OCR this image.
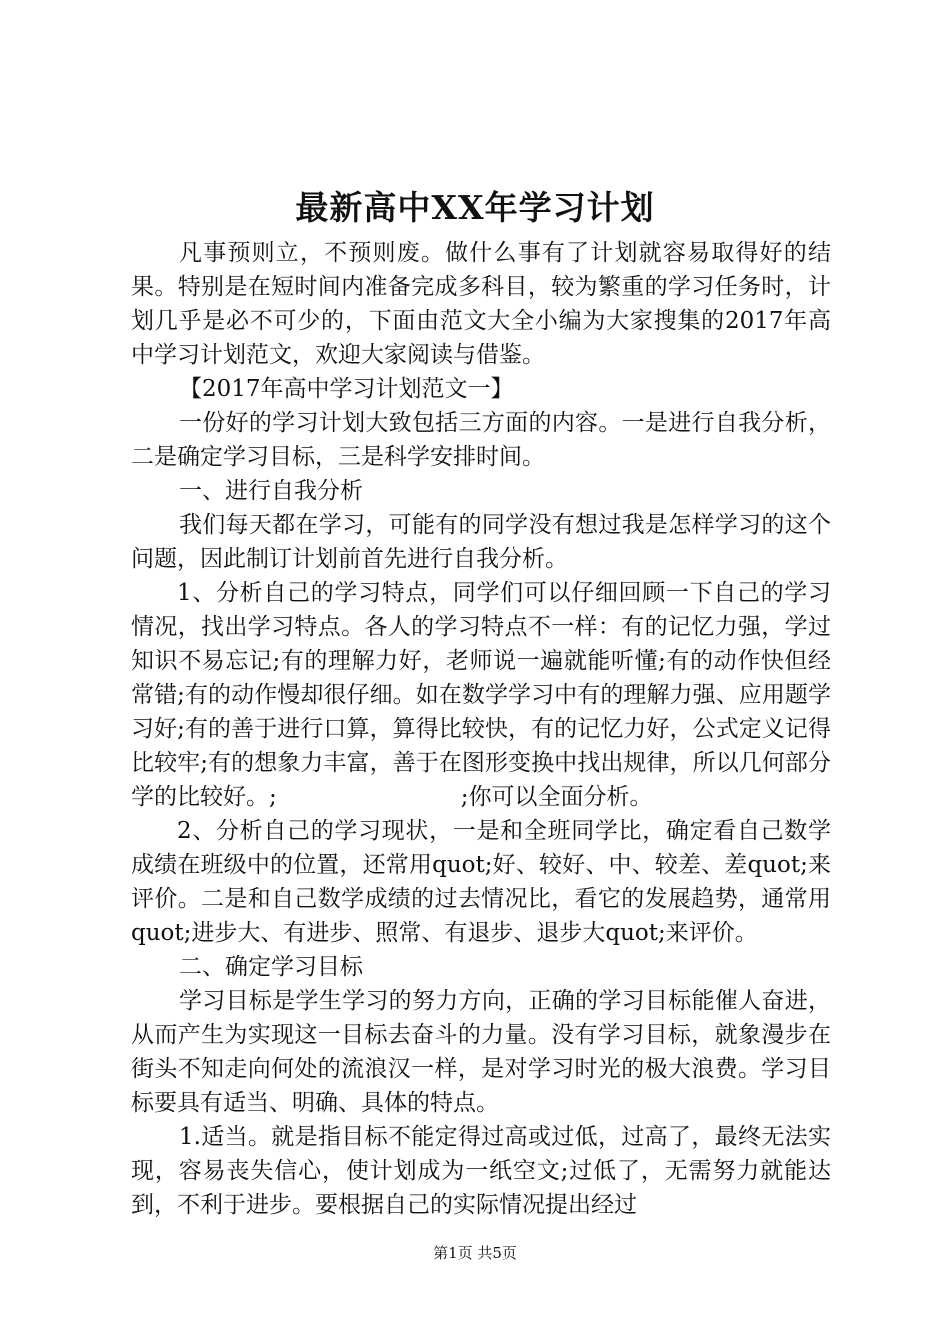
最新高中XX年学习计划

凡事预则立，不预则废。做什么事有了计划就容易取得好的结果。特别是在短时间内准备完成多科目，较为繁重的学习任务时，计划几乎是必不可少的，下面由范文大全小编为大家搜集的2017年高中学习计划范文，欢迎大家阅读与借鉴。

【2017年高中学习计划范文一】

一份好的学习计划大致包括三方面的内容。一是进行自我分析，二是确定学习目标，三是科学安排时间。

一、进行自我分析

我们每天都在学习，可能有的同学没有想过我是怎样学习的这个问题，因此制订计划前首先进行自我分析。

1、分析自己的学习特点，同学们可以仔细回顾一下自己的学习情况，找出学习特点。各人的学习特点不一样：有的记忆力强，学过知识不易忘记;有的理解力好，老师说一遍就能听懂;有的动作快但经常错;有的动作慢却很仔细。如在数学学习中有的理解力强、应用题学习好;有的善于进行口算，算得比较快，有的记忆力好，公式定义记得比较牢;有的想象力丰富，善于在图形变换中找出规律，所以几何部分学的比较好。;　　　　　　　　;你可以全面分析。

2、分析自己的学习现状，一是和全班同学比，确定看自己数学成绩在班级中的位置，还常用quot;好、较好、中、较差、差quot;来评价。二是和自己数学成绩的过去情况比，看它的发展趋势，通常用quot;进步大、有进步、照常、有退步、退步大quot;来评价。

二、确定学习目标

学习目标是学生学习的努力方向，正确的学习目标能催人奋进，从而产生为实现这一目标去奋斗的力量。没有学习目标，就象漫步在街头不知走向何处的流浪汉一样，是对学习时光的极大浪费。学习目标要具有适当、明确、具体的特点。

1.适当。就是指目标不能定得过高或过低，过高了，最终无法实现，容易丧失信心，使计划成为一纸空文;过低了，无需努力就能达到，不利于进步。要根据自己的实际情况提出经过

第1页 共5页
